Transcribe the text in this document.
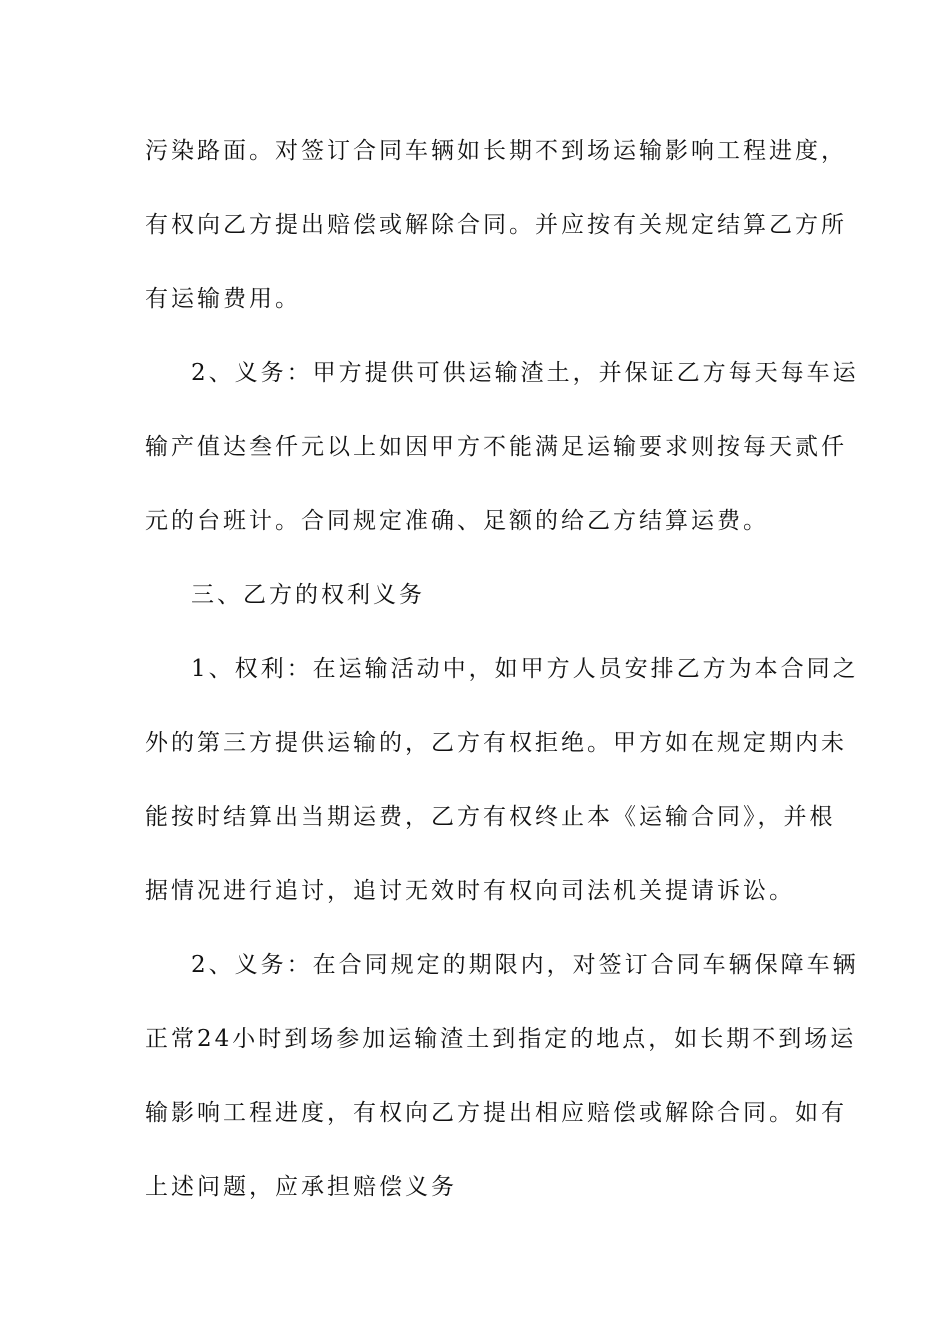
污染路面。对签订合同车辆如长期不到场运输影响工程进度，
有权向乙方提出赔偿或解除合同。并应按有关规定结算乙方所
有运输费用。
2、义务：甲方提供可供运输渣土，并保证乙方每天每车运
输产值达叁仟元以上如因甲方不能满足运输要求则按每天贰仟
元的台班计。合同规定准确、足额的给乙方结算运费。
三、乙方的权利义务
1、权利：在运输活动中，如甲方人员安排乙方为本合同之
外的第三方提供运输的，乙方有权拒绝。甲方如在规定期内未
能按时结算出当期运费，乙方有权终止本《运输合同》，并根
据情况进行追讨，追讨无效时有权向司法机关提请诉讼。
2、义务：在合同规定的期限内，对签订合同车辆保障车辆
正常24小时到场参加运输渣土到指定的地点，如长期不到场运
输影响工程进度，有权向乙方提出相应赔偿或解除合同。如有
上述问题，应承担赔偿义务
